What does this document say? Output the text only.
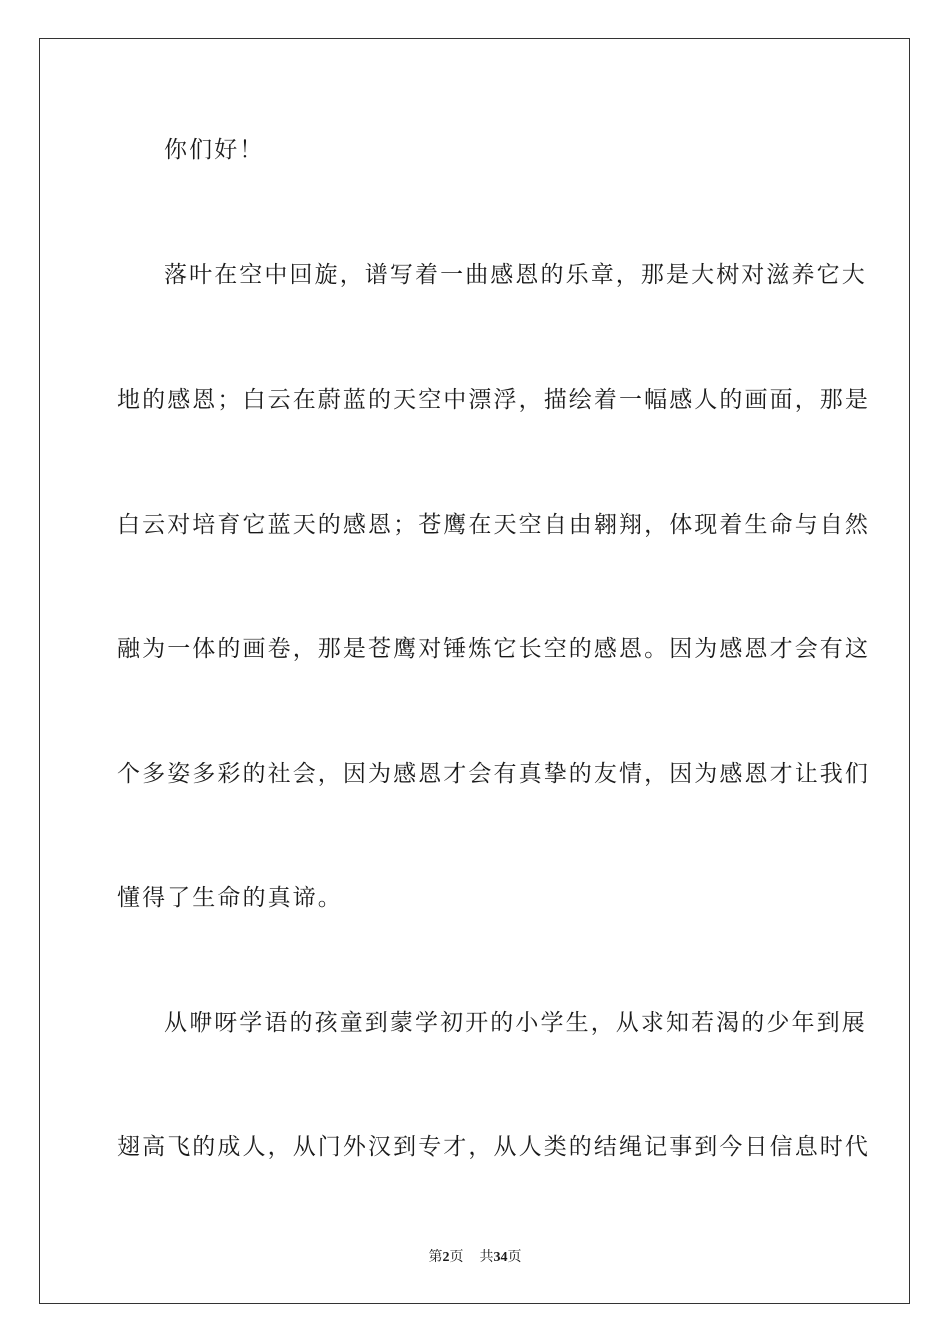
你们好！
落叶在空中回旋，谱写着一曲感恩的乐章，那是大树对滋养它大
地的感恩；白云在蔚蓝的天空中漂浮，描绘着一幅感人的画面，那是
白云对培育它蓝天的感恩；苍鹰在天空自由翱翔，体现着生命与自然
融为一体的画卷，那是苍鹰对锤炼它长空的感恩。因为感恩才会有这
个多姿多彩的社会，因为感恩才会有真挚的友情，因为感恩才让我们
懂得了生命的真谛。
从咿呀学语的孩童到蒙学初开的小学生，从求知若渴的少年到展
翅高飞的成人，从门外汉到专才，从人类的结绳记事到今日信息时代
第2页 共34页
